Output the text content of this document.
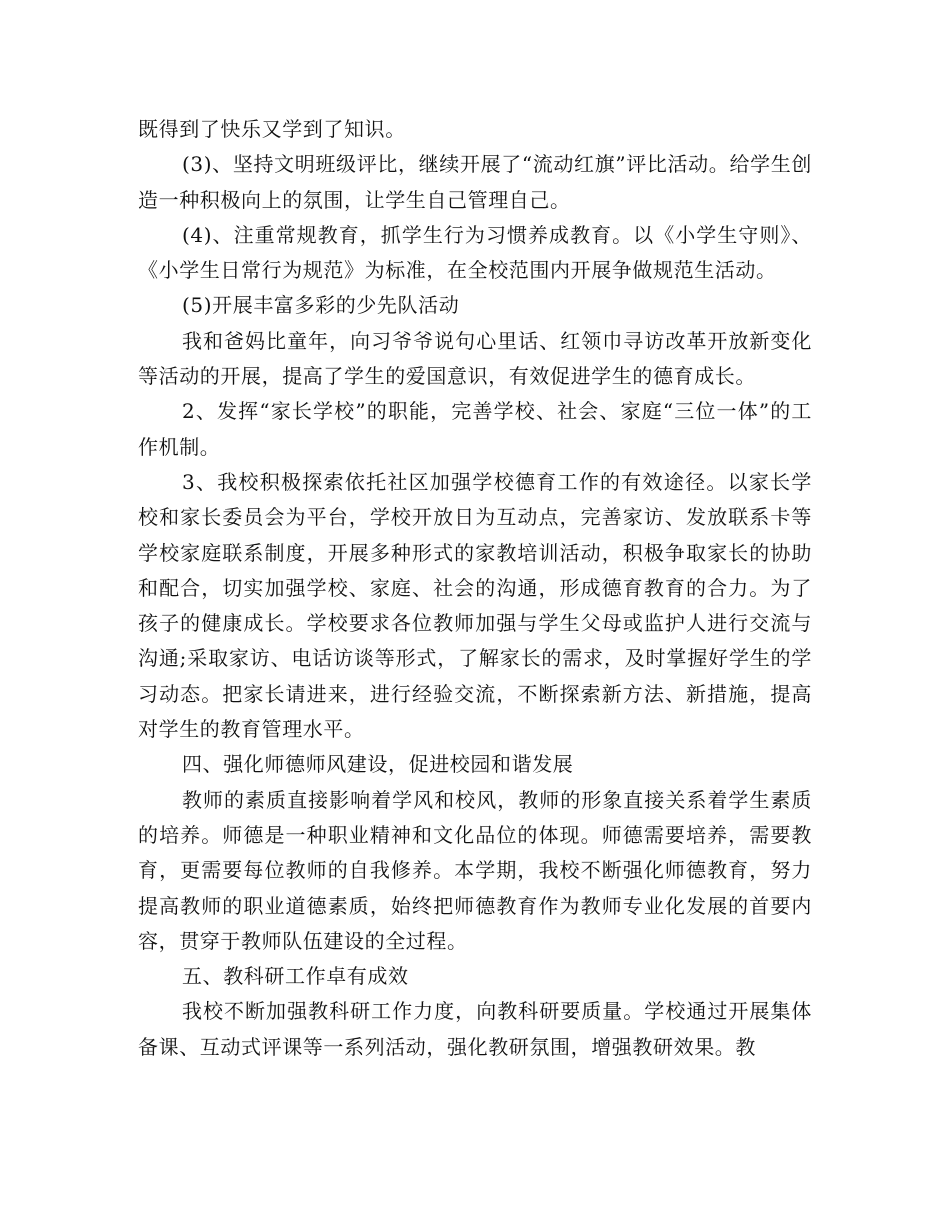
既得到了快乐又学到了知识。

(3)、坚持文明班级评比，继续开展了“流动红旗”评比活动。给学生创造一种积极向上的氛围，让学生自己管理自己。

(4)、注重常规教育，抓学生行为习惯养成教育。以《小学生守则》、《小学生日常行为规范》为标准，在全校范围内开展争做规范生活动。

(5)开展丰富多彩的少先队活动

我和爸妈比童年，向习爷爷说句心里话、红领巾寻访改革开放新变化等活动的开展，提高了学生的爱国意识，有效促进学生的德育成长。

2、发挥“家长学校”的职能，完善学校、社会、家庭“三位一体”的工作机制。

3、我校积极探索依托社区加强学校德育工作的有效途径。以家长学校和家长委员会为平台，学校开放日为互动点，完善家访、发放联系卡等学校家庭联系制度，开展多种形式的家教培训活动，积极争取家长的协助和配合，切实加强学校、家庭、社会的沟通，形成德育教育的合力。为了孩子的健康成长。学校要求各位教师加强与学生父母或监护人进行交流与沟通;采取家访、电话访谈等形式，了解家长的需求，及时掌握好学生的学习动态。把家长请进来，进行经验交流，不断探索新方法、新措施，提高对学生的教育管理水平。

四、强化师德师风建设，促进校园和谐发展

教师的素质直接影响着学风和校风，教师的形象直接关系着学生素质的培养。师德是一种职业精神和文化品位的体现。师德需要培养，需要教育，更需要每位教师的自我修养。本学期，我校不断强化师德教育，努力提高教师的职业道德素质，始终把师德教育作为教师专业化发展的首要内容，贯穿于教师队伍建设的全过程。

五、教科研工作卓有成效

我校不断加强教科研工作力度，向教科研要质量。学校通过开展集体备课、互动式评课等一系列活动，强化教研氛围，增强教研效果。教
